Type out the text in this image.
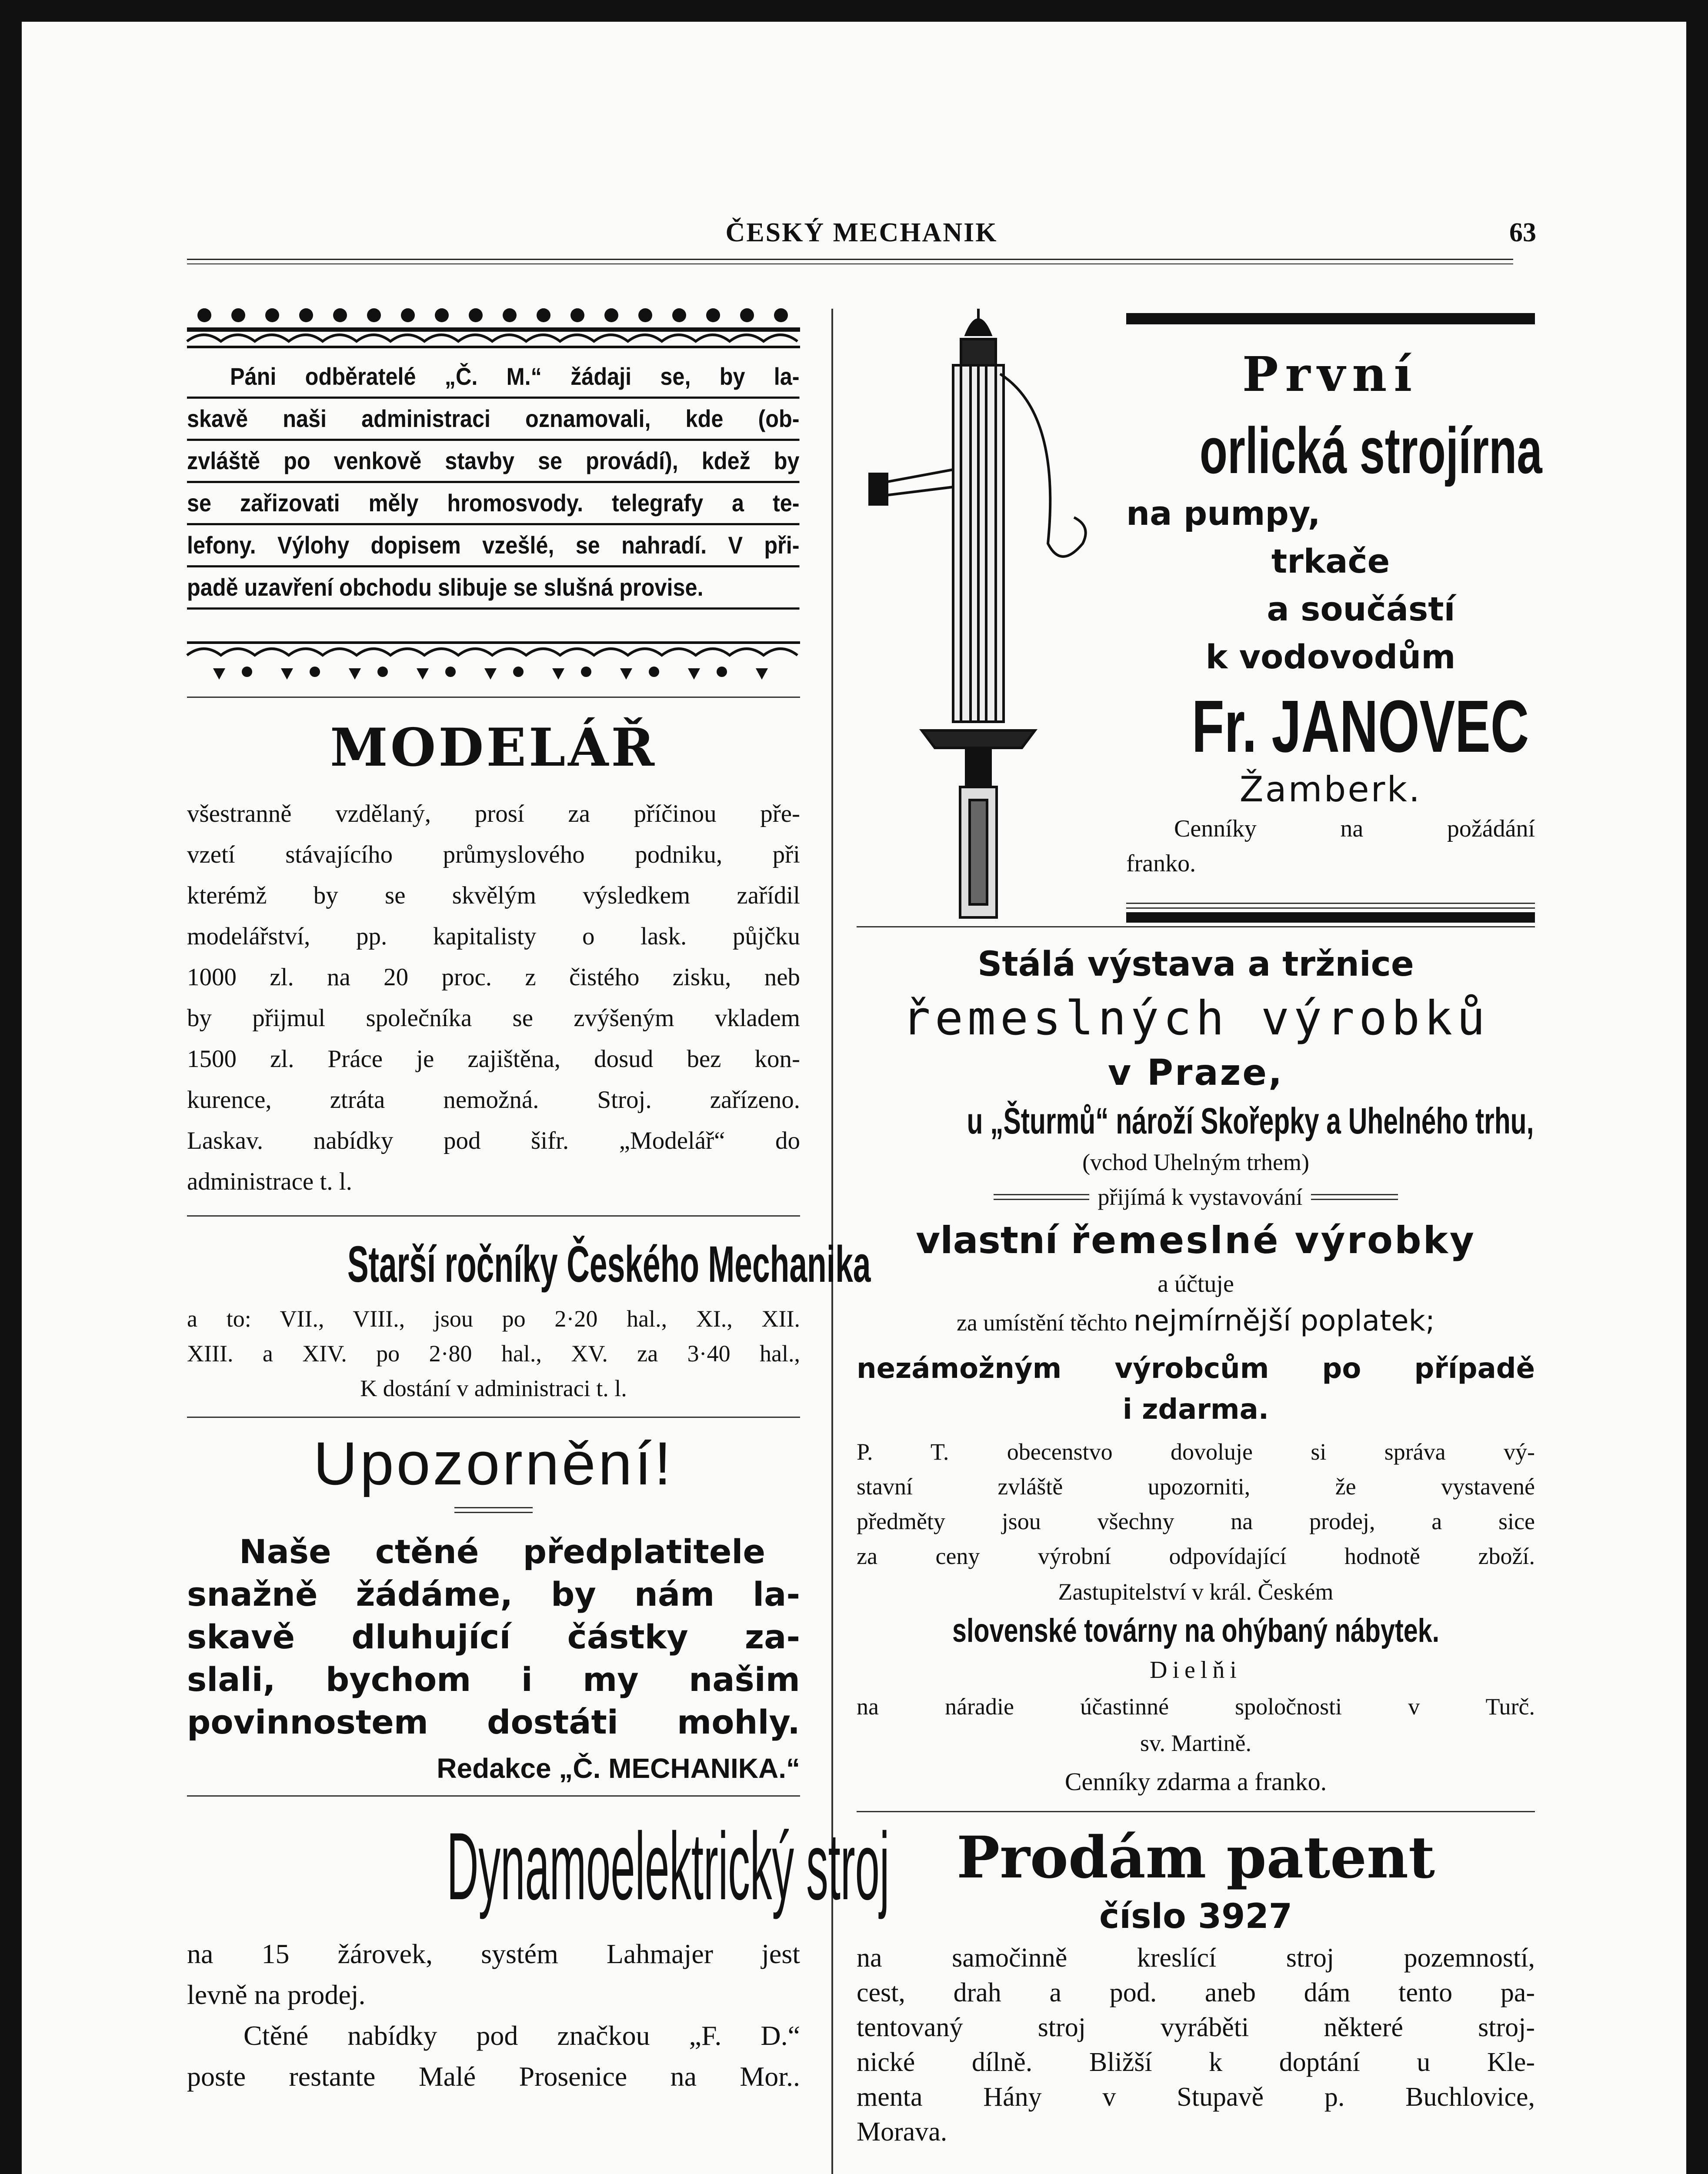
ČESKÝ MECHANIK	63
Páni odběratelé „Č. M.“ žádaji se, by la-
skavě naši administraci oznamovali, kde (ob-
zvláště po venkově stavby se provádí), kdež by
se zařizovati měly hromosvody. telegrafy a te-
lefony. Výlohy dopisem vzešlé, se nahradí. V při-
padě uzavření obchodu slibuje se slušná provise.
MODELÁŘ
všestranně vzdělaný, prosí za příčinou pře-
vzetí stávajícího průmyslového podniku, při
kterémž by se skvělým výsledkem zařídil
modelářství, pp. kapitalisty o lask. půjčku
1000 zl. na 20 proc. z čistého zisku, neb
by přijmul společníka se zvýšeným vkladem
1500 zl. Práce je zajištěna, dosud bez kon-
kurence, ztráta nemožná. Stroj. zařízeno.
Laskav. nabídky pod šifr. „Modelář“ do
administrace t. l.
Starší ročníky Českého Mechanika
a to: VII., VIII., jsou po 2·20 hal., XI., XII.
XIII. a XIV. po 2·80 hal., XV. za 3·40 hal.,
K dostání v administraci t. l.
Upozornění!
Naše ctěné předplatitele
snažně žádáme, by nám la-
skavě dluhující částky za-
slali, bychom i my našim
povinnostem dostáti mohly.
Redakce „Č. MECHANIKA.“
Dynamoelektrický stroj
na 15 žárovek, systém Lahmajer jest
levně na prodej.
Ctěné nabídky pod značkou „F. D.“
poste restante Malé Prosenice na Mor..
První
orlická strojírna
na pumpy,
trkače
a součástí
k vodovodům
Fr. JANOVEC
Žamberk.
Cenníky na požádání
franko.
Stálá výstava a tržnice
řemeslných výrobků
v Praze,
u „Šturmů“ nároží Skořepky a Uhelného trhu,
(vchod Uhelným trhem)
přijímá k vystavování
vlastní řemeslné výrobky
a účtuje
za umístění těchto nejmírnější poplatek;
nezámožným výrobcům po případě
i zdarma.
P. T. obecenstvo dovoluje si správa vý-
stavní zvláště upozorniti, že vystavené
předměty jsou všechny na prodej, a sice
za ceny výrobní odpovídající hodnotě zboží.
Zastupitelství v král. Českém
slovenské továrny na ohýbaný nábytek.
Dielňi
na náradie účastinné spoločnosti v Turč.
sv. Martině.
Cenníky zdarma a franko.
Prodám patent
číslo 3927
na samočinně kreslící stroj pozemností,
cest, drah a pod. aneb dám tento pa-
tentovaný stroj vyráběti některé stroj-
nické dílně. Bližší k doptání u Kle-
menta Hány v Stupavě p. Buchlovice,
Morava.
